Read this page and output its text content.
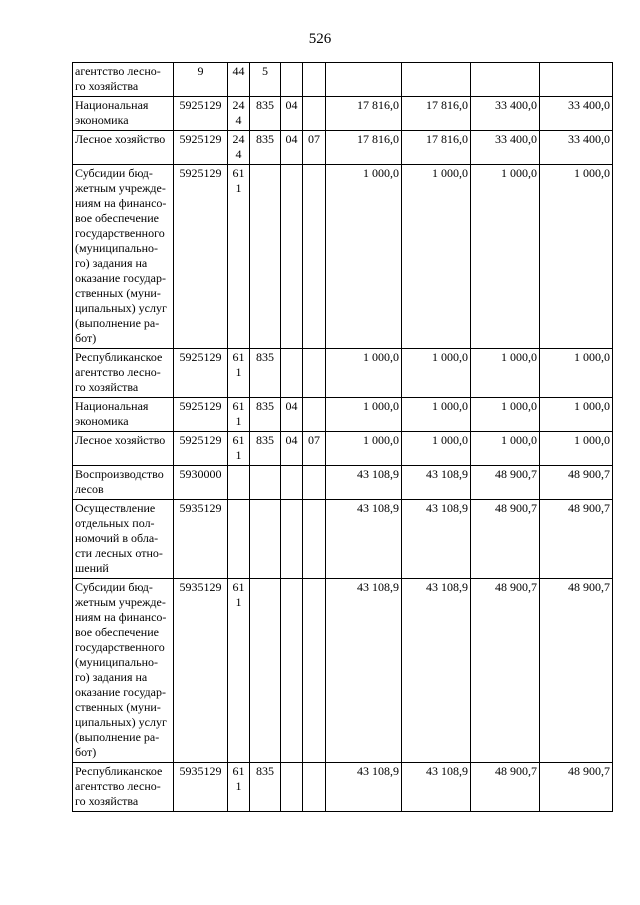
526
агентство лесно-го хозяйства	9	44	5						
Национальная экономика	5925129	244	835	04		17 816,0	17 816,0	33 400,0	33 400,0
Лесное хозяйство	5925129	244	835	04	07	17 816,0	17 816,0	33 400,0	33 400,0
Субсидии бюд-жетным учрежде-ниям на финансо-вое обеспечение государственного (муниципально-го) задания на оказание государ-ственных (муни-ципальных) услуг (выполнение ра-бот)	5925129	611				1 000,0	1 000,0	1 000,0	1 000,0
Республиканское агентство лесно-го хозяйства	5925129	611	835			1 000,0	1 000,0	1 000,0	1 000,0
Национальная экономика	5925129	611	835	04		1 000,0	1 000,0	1 000,0	1 000,0
Лесное хозяйство	5925129	611	835	04	07	1 000,0	1 000,0	1 000,0	1 000,0
Воспроизводство лесов	5930000					43 108,9	43 108,9	48 900,7	48 900,7
Осуществление отдельных пол-номочий в обла-сти лесных отно-шений	5935129					43 108,9	43 108,9	48 900,7	48 900,7
Субсидии бюд-жетным учрежде-ниям на финансо-вое обеспечение государственного (муниципально-го) задания на оказание государ-ственных (муни-ципальных) услуг (выполнение ра-бот)	5935129	611				43 108,9	43 108,9	48 900,7	48 900,7
Республиканское агентство лесно-го хозяйства	5935129	611	835			43 108,9	43 108,9	48 900,7	48 900,7
